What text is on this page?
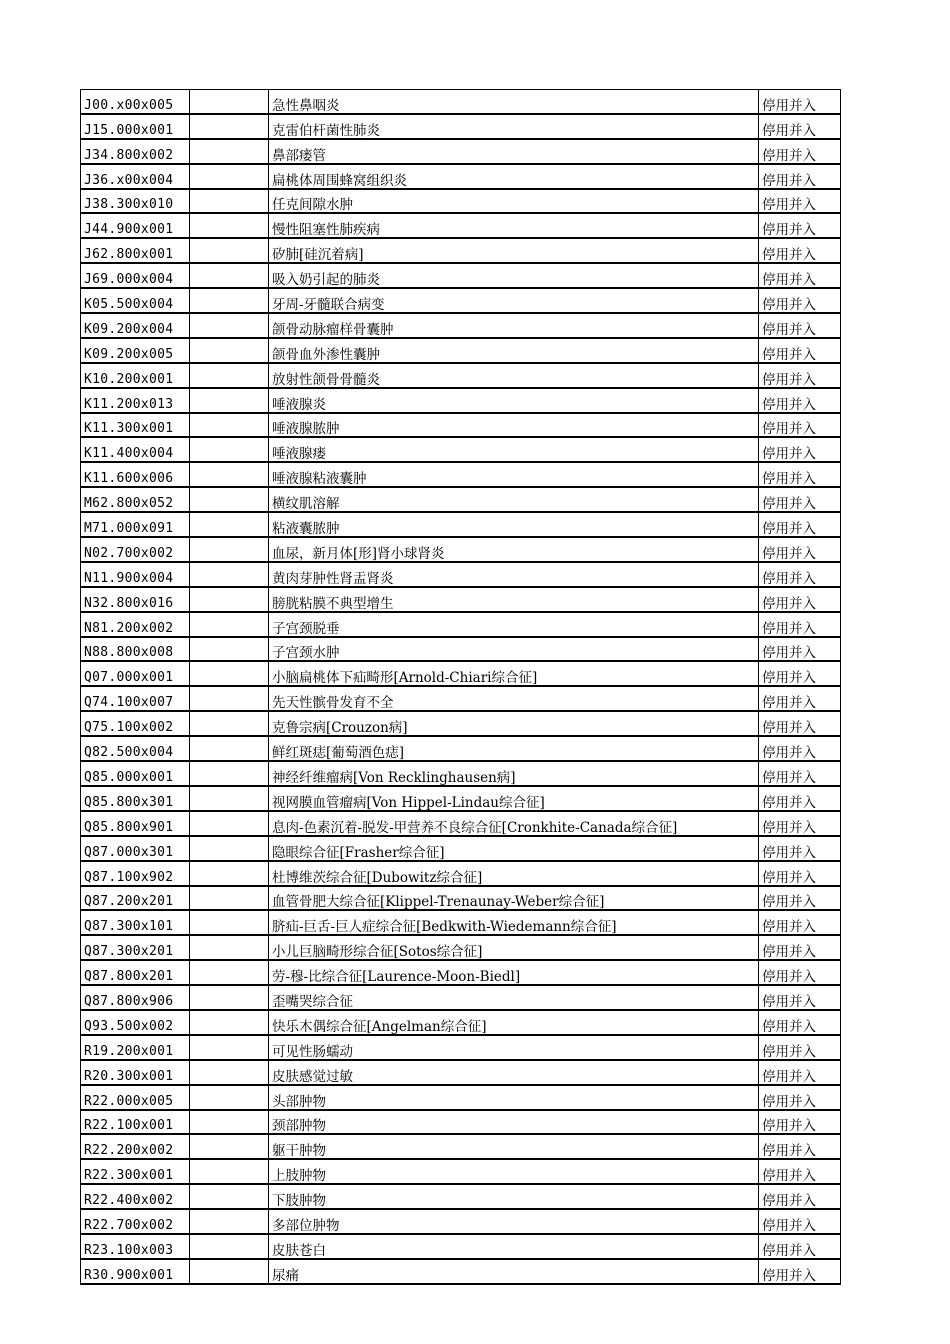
J00.x00x005		急性鼻咽炎	停用并入
J15.000x001		克雷伯杆菌性肺炎	停用并入
J34.800x002		鼻部瘘管	停用并入
J36.x00x004		扁桃体周围蜂窝组织炎	停用并入
J38.300x010		任克间隙水肿	停用并入
J44.900x001		慢性阻塞性肺疾病	停用并入
J62.800x001		矽肺[硅沉着病]	停用并入
J69.000x004		吸入奶引起的肺炎	停用并入
K05.500x004		牙周-牙髓联合病变	停用并入
K09.200x004		颌骨动脉瘤样骨囊肿	停用并入
K09.200x005		颌骨血外渗性囊肿	停用并入
K10.200x001		放射性颌骨骨髓炎	停用并入
K11.200x013		唾液腺炎	停用并入
K11.300x001		唾液腺脓肿	停用并入
K11.400x004		唾液腺瘘	停用并入
K11.600x006		唾液腺粘液囊肿	停用并入
M62.800x052		横纹肌溶解	停用并入
M71.000x091		粘液囊脓肿	停用并入
N02.700x002		血尿，新月体[形]肾小球肾炎	停用并入
N11.900x004		黄肉芽肿性肾盂肾炎	停用并入
N32.800x016		膀胱粘膜不典型增生	停用并入
N81.200x002		子宫颈脱垂	停用并入
N88.800x008		子宫颈水肿	停用并入
Q07.000x001		小脑扁桃体下疝畸形[Arnold-Chiari综合征]	停用并入
Q74.100x007		先天性髌骨发育不全	停用并入
Q75.100x002		克鲁宗病[Crouzon病]	停用并入
Q82.500x004		鲜红斑痣[葡萄酒色痣]	停用并入
Q85.000x001		神经纤维瘤病[Von Recklinghausen病]	停用并入
Q85.800x301		视网膜血管瘤病[Von Hippel-Lindau综合征]	停用并入
Q85.800x901		息肉-色素沉着-脱发-甲营养不良综合征[Cronkhite-Canada综合征]	停用并入
Q87.000x301		隐眼综合征[Frasher综合征]	停用并入
Q87.100x902		杜博维茨综合征[Dubowitz综合征]	停用并入
Q87.200x201		血管骨肥大综合征[Klippel-Trenaunay-Weber综合征]	停用并入
Q87.300x101		脐疝-巨舌-巨人症综合征[Bedkwith-Wiedemann综合征]	停用并入
Q87.300x201		小儿巨脑畸形综合征[Sotos综合征]	停用并入
Q87.800x201		劳-穆-比综合征[Laurence-Moon-Biedl]	停用并入
Q87.800x906		歪嘴哭综合征	停用并入
Q93.500x002		快乐木偶综合征[Angelman综合征]	停用并入
R19.200x001		可见性肠蠕动	停用并入
R20.300x001		皮肤感觉过敏	停用并入
R22.000x005		头部肿物	停用并入
R22.100x001		颈部肿物	停用并入
R22.200x002		躯干肿物	停用并入
R22.300x001		上肢肿物	停用并入
R22.400x002		下肢肿物	停用并入
R22.700x002		多部位肿物	停用并入
R23.100x003		皮肤苍白	停用并入
R30.900x001		尿痛	停用并入
